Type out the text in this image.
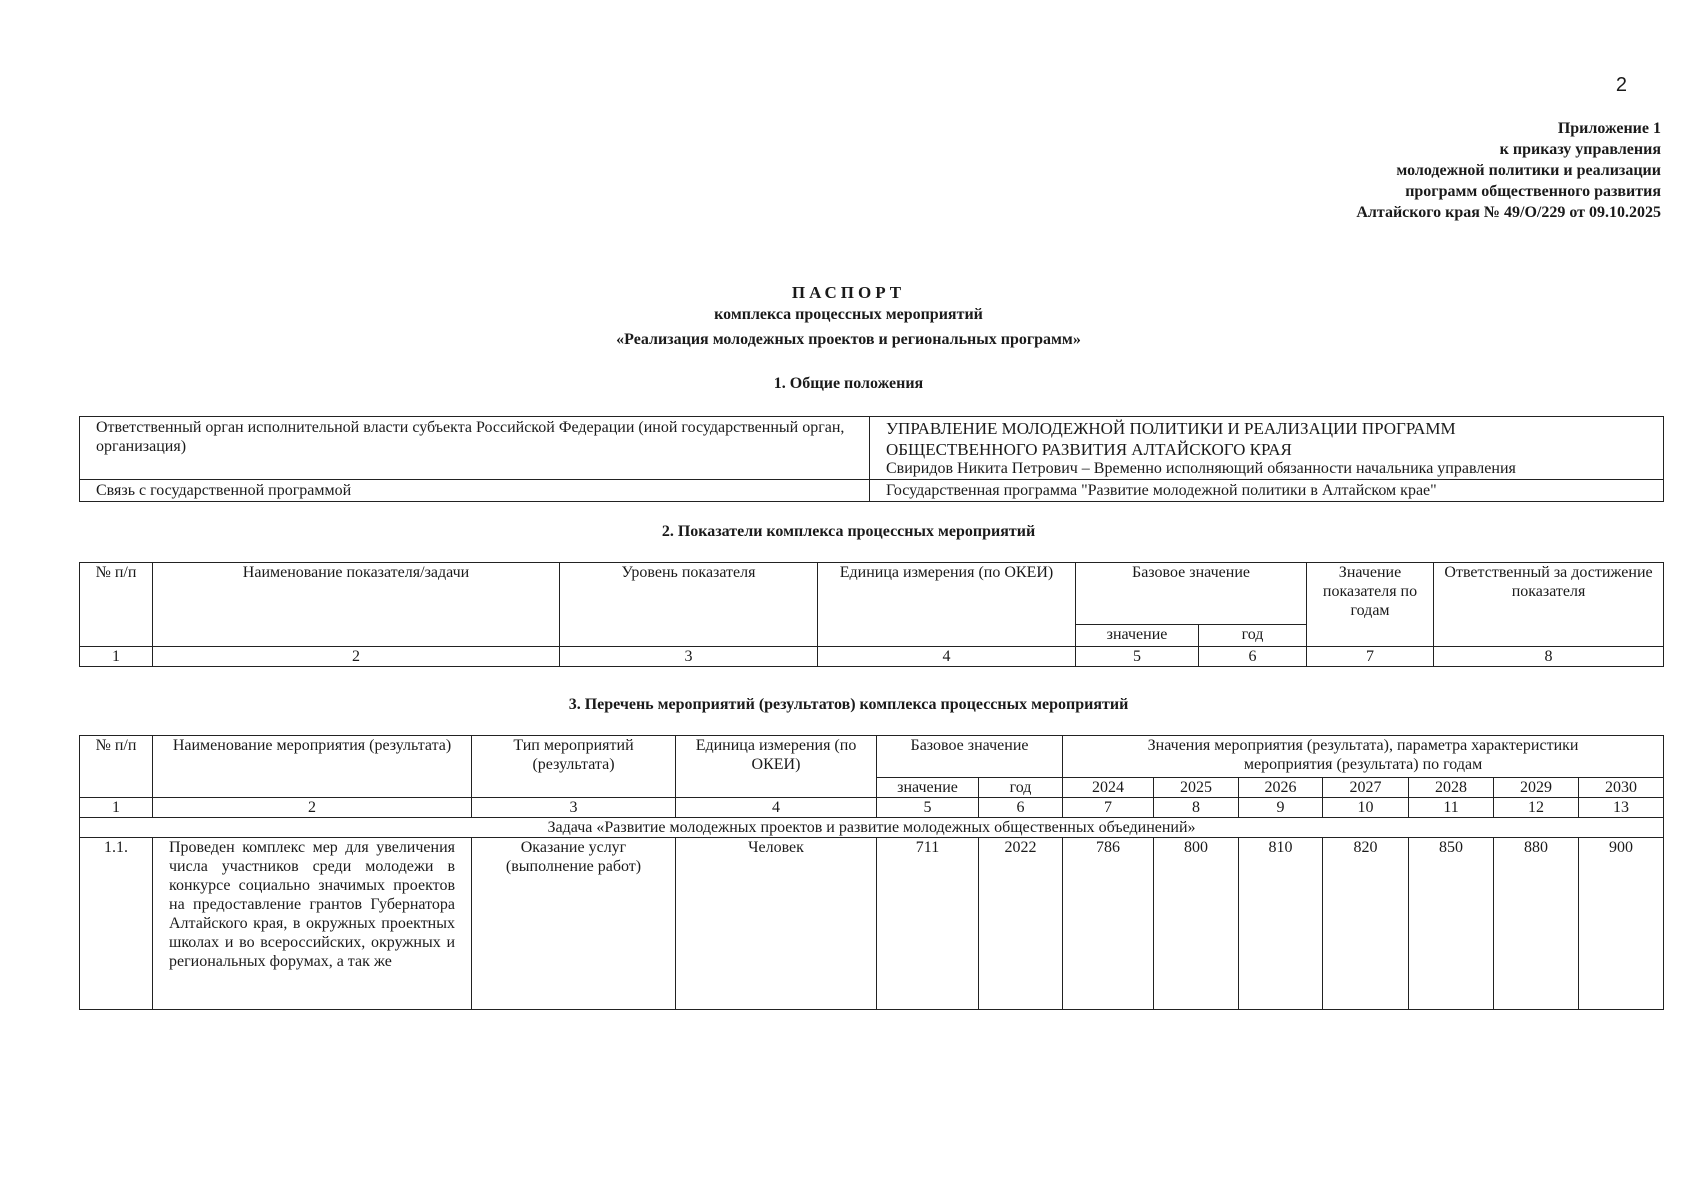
2
Приложение 1
к приказу управления
молодежной политики и реализации
программ общественного развития
Алтайского края № 49/О/229 от 09.10.2025
ПАСПОРТ
комплекса процессных мероприятий
«Реализация молодежных проектов и региональных программ»
1. Общие положения
Ответственный орган исполнительной власти субъекта Российской Федерации (иной государственный орган, организация)	УПРАВЛЕНИЕ МОЛОДЕЖНОЙ ПОЛИТИКИ И РЕАЛИЗАЦИИ ПРОГРАММ
ОБЩЕСТВЕННОГО РАЗВИТИЯ АЛТАЙСКОГО КРАЯ
Свиридов Никита Петрович – Временно исполняющий обязанности начальника управления

Связь с государственной программой	Государственная программа "Развитие молодежной политики в Алтайском крае"
2. Показатели комплекса процессных мероприятий
№ п/п	Наименование показателя/задачи	Уровень показателя	Единица измерения (по ОКЕИ)	Базовое значение		Значение показателя по годам	Ответственный за достижение показателя
				значение	год		
1	2	3	4	5	6	7	8
3. Перечень мероприятий (результатов) комплекса процессных мероприятий
№ п/п	Наименование мероприятия (результата)	Тип мероприятий (результата)	Единица измерения (по ОКЕИ)	Базовое значение		Значения мероприятия (результата), параметра характеристики мероприятия (результата) по годам						
				значение	год	2024	2025	2026	2027	2028	2029	2030
1	2	3	4	5	6	7	8	9	10	11	12	13
Задача «Развитие молодежных проектов и развитие молодежных общественных объединений»												
1.1.	Проведен комплекс мер для увеличения числа участников среди молодежи в конкурсе социально значимых проектов на предоставление грантов Губернатора Алтайского края, в окружных проектных школах и во всероссийских, окружных и региональных форумах, а так же	Оказание услуг (выполнение работ)	Человек	711	2022	786	800	810	820	850	880	900
